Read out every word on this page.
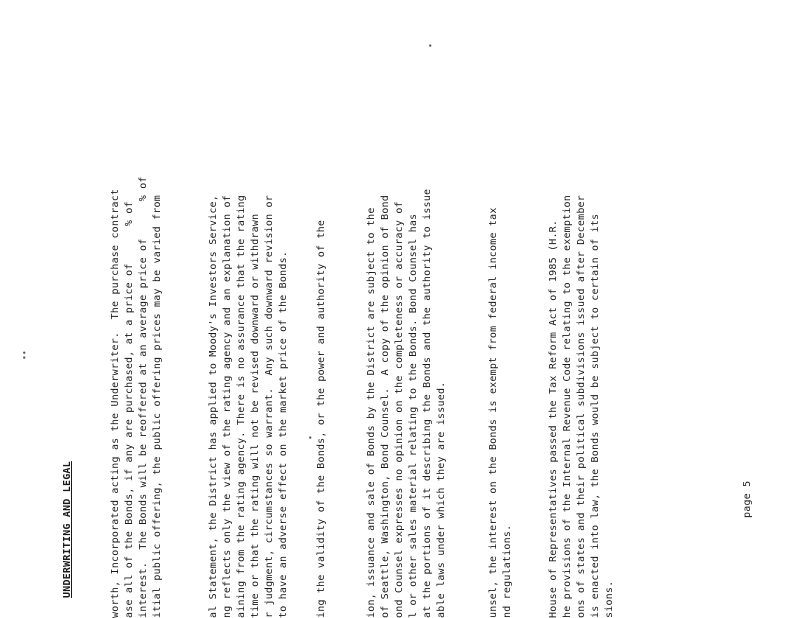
UNDERWRITING AND LEGAL	worth, Incorporated acting as the Underwriter.  The purchase contract ase all of the Bonds, if any are purchased, at a price of      % of interest.  The Bonds will be reoffered at an average price of      % of itial public offering, the public offering prices may be varied from	al Statement, the District has applied to Moody's Investors Service, ng reflects only the view of the rating agency and an explanation of aining from the rating agency. There is no assurance that the rating time or that the rating will not be revised downward or withdrawn r judgment, circumstances so warrant.  Any such downward revision or to have an adverse effect on the market price of the Bonds.	ing the validity of the Bonds, or the power and authority of the	ion, issuance and sale of Bonds by the District are subject to the of Seattle, Washington, Bond Counsel.  A copy of the opinion of Bond ond Counsel expresses no opinion on the completeness or accuracy of l or other sales material relating to the Bonds. Bond Counsel has at the portions of it describing the Bonds and the authority to issue able laws under which they are issued.	unsel, the interest on the Bonds is exempt from federal income tax nd regulations.	House of Representatives passed the Tax Reform Act of 1985 (H.R. he provisions of the Internal Revenue Code relating to the exemption ons of states and their political subdivisions issued after December is enacted into law, the Bonds would be subject to certain of its sions.
page 5
∙∙
∙
∙
